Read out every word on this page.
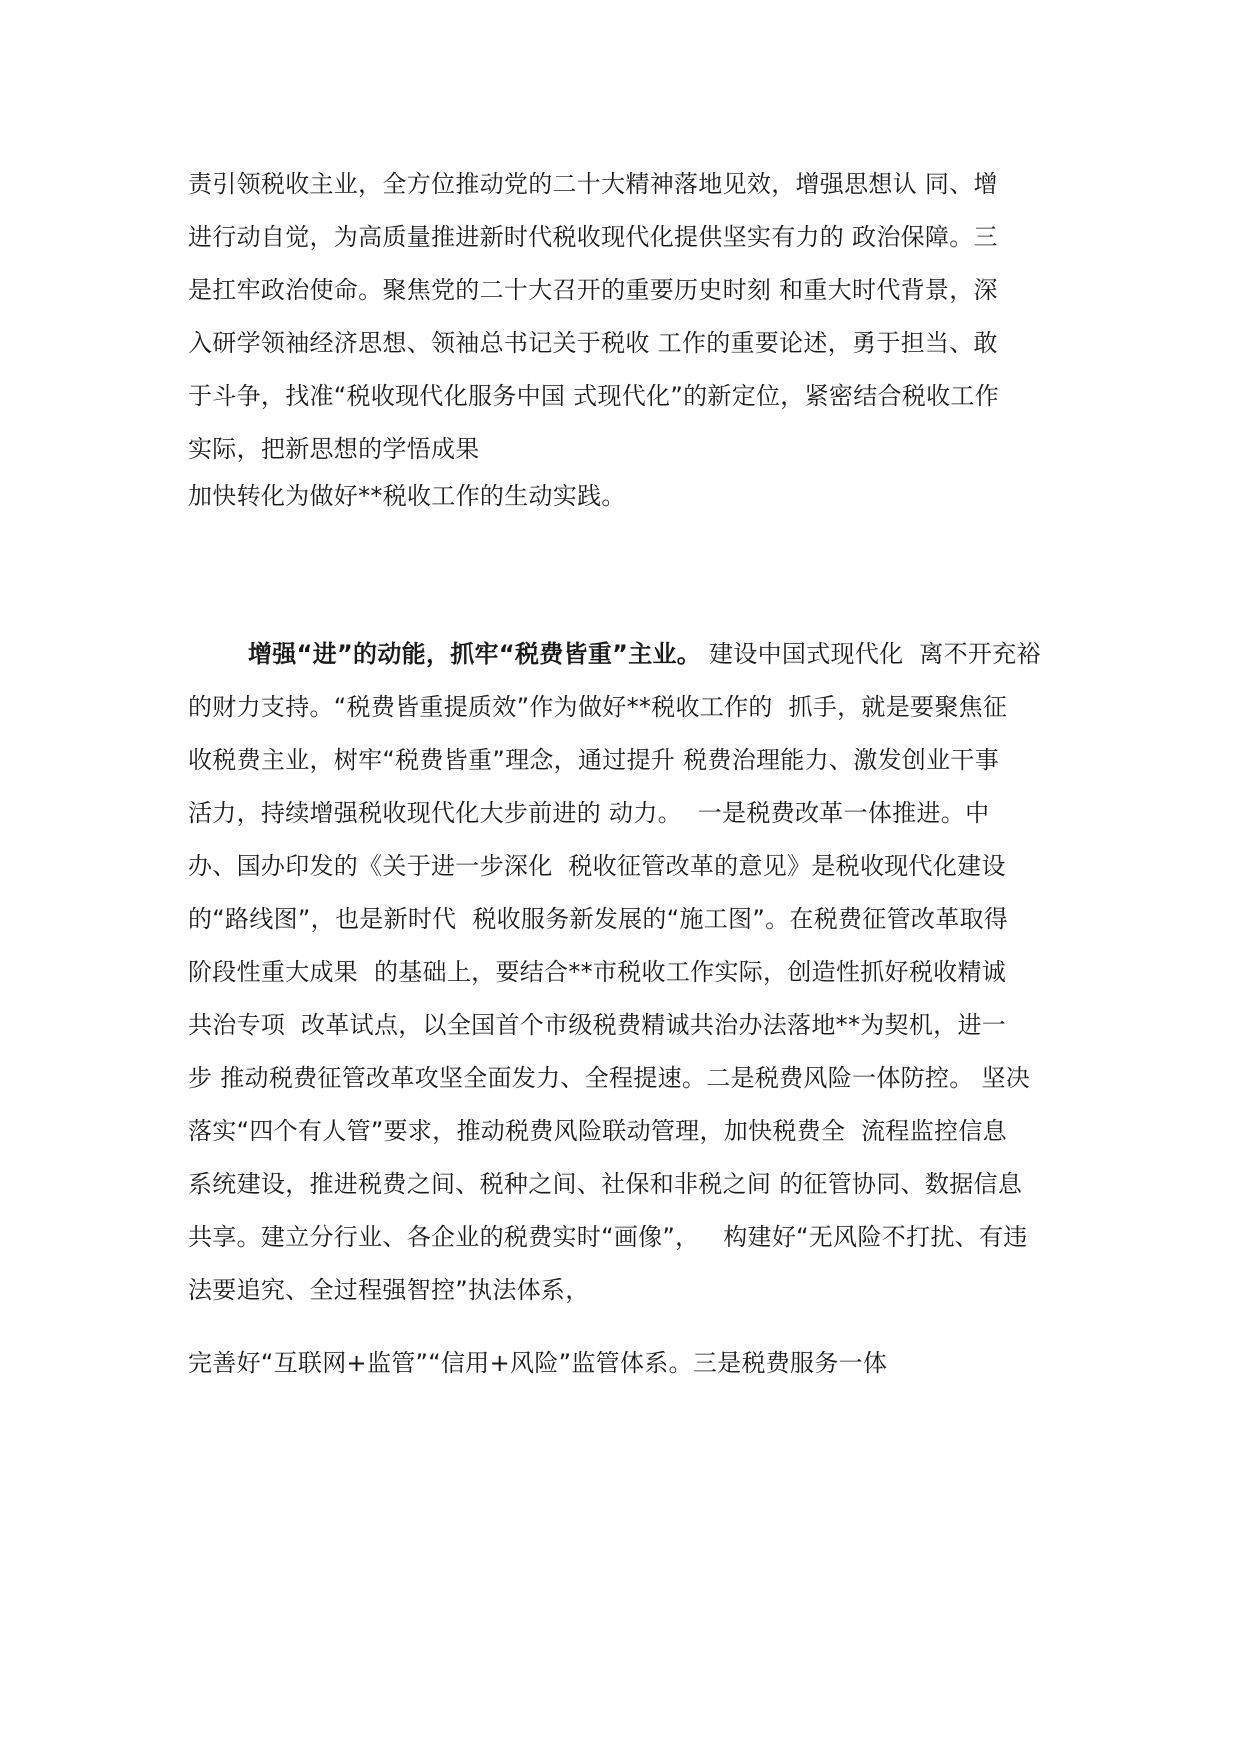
责引领税收主业，全方位推动党的二十大精神落地见效，增强思想认 同、增
进行动自觉，为高质量推进新时代税收现代化提供坚实有力的 政治保障。三
是扛牢政治使命。聚焦党的二十大召开的重要历史时刻 和重大时代背景，深
入研学领袖经济思想、领袖总书记关于税收 工作的重要论述，勇于担当、敢
于斗争，找准“税收现代化服务中国 式现代化”的新定位，紧密结合税收工作
实际，把新思想的学悟成果
加快转化为做好**税收工作的生动实践。
增强“进”的动能，抓牢“税费皆重”主业。 建设中国式现代化  离不开充裕
的财力支持。“税费皆重提质效”作为做好**税收工作的  抓手，就是要聚焦征
收税费主业，树牢“税费皆重”理念，通过提升 税费治理能力、激发创业干事
活力，持续增强税收现代化大步前进的 动力。  一是税费改革一体推进。中
办、国办印发的《关于进一步深化  税收征管改革的意见》是税收现代化建设
的“路线图”，也是新时代  税收服务新发展的“施工图”。在税费征管改革取得
阶段性重大成果  的基础上，要结合**市税收工作实际，创造性抓好税收精诚
共治专项  改革试点，以全国首个市级税费精诚共治办法落地**为契机，进一
步 推动税费征管改革攻坚全面发力、全程提速。二是税费风险一体防控。 坚决
落实“四个有人管”要求，推动税费风险联动管理，加快税费全  流程监控信息
系统建设，推进税费之间、税种之间、社保和非税之间 的征管协同、数据信息
共享。建立分行业、各企业的税费实时“画像”，   构建好“无风险不打扰、有违
法要追究、全过程强智控”执法体系，
完善好“互联网+监管”“信用+风险”监管体系。三是税费服务一体
